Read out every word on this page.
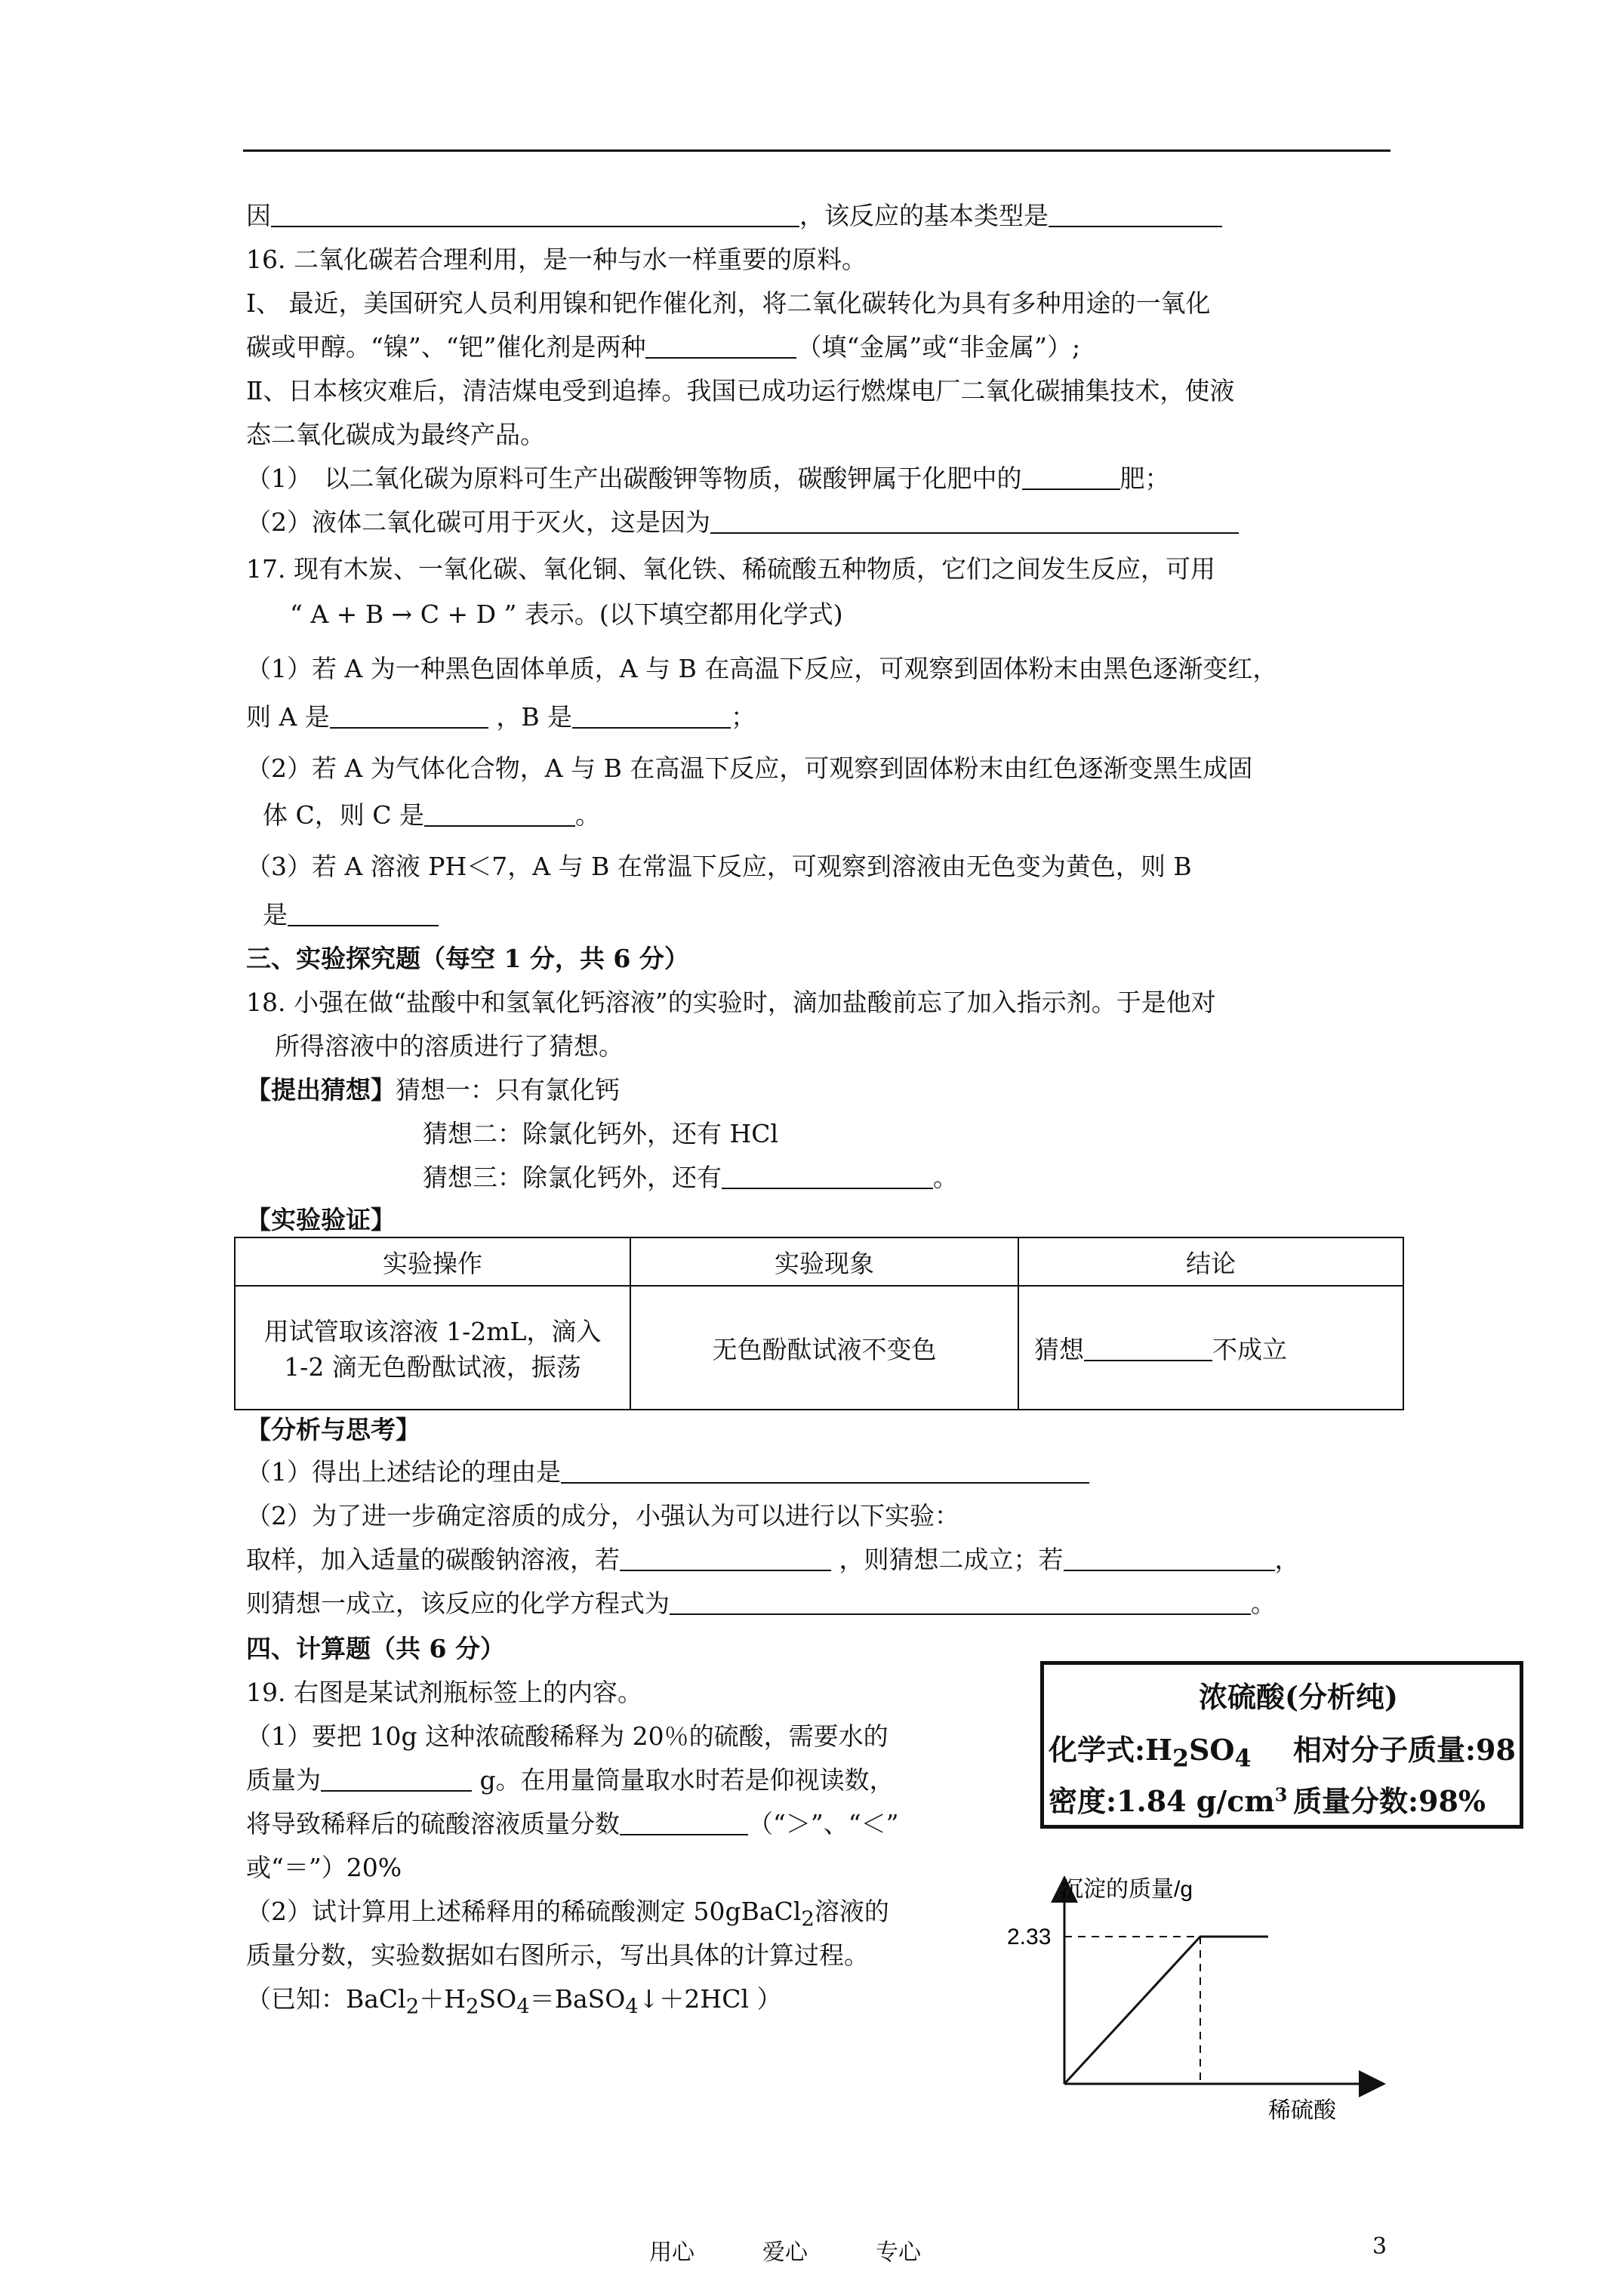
因	，该反应的基本类型是
16. 二氧化碳若合理利用，是一种与水一样重要的原料。
Ⅰ、 最近，美国研究人员利用镍和钯作催化剂，将二氧化碳转化为具有多种用途的一氧化
碳或甲醇。“镍”、“钯”催化剂是两种	（填“金属”或“非金属”）;
Ⅱ、日本核灾难后，清洁煤电受到追捧。我国已成功运行燃煤电厂二氧化碳捕集技术，使液
态二氧化碳成为最终产品。
（1）　以二氧化碳为原料可生产出碳酸钾等物质，碳酸钾属于化肥中的	肥；
（2）液体二氧化碳可用于灭火，这是因为
17. 现有木炭、一氧化碳、氧化铜、氧化铁、稀硫酸五种物质，它们之间发生反应，可用
“ A + B → C + D ” 表示。(以下填空都用化学式)
（1）若 A 为一种黑色固体单质，A 与 B 在高温下反应，可观察到固体粉末由黑色逐渐变红，
则 A 是	，B 是	；
（2）若 A 为气体化合物，A 与 B 在高温下反应，可观察到固体粉末由红色逐渐变黑生成固
体 C，则 C 是	。
（3）若 A 溶液 PH＜7，A 与 B 在常温下反应，可观察到溶液由无色变为黄色，则 B
是
三、实验探究题（每空 1 分，共 6 分）
18. 小强在做“盐酸中和氢氧化钙溶液”的实验时，滴加盐酸前忘了加入指示剂。于是他对
所得溶液中的溶质进行了猜想。
【提出猜想】猜想一：只有氯化钙
猜想二：除氯化钙外，还有 HCl
猜想三：除氯化钙外，还有	。
【实验验证】
实验操作	实验现象	结论

用试管取该溶液 1-2mL，滴入
1-2 滴无色酚酞试液，振荡	无色酚酞试液不变色	猜想 不成立
【分析与思考】
（1）得出上述结论的理由是
（2）为了进一步确定溶质的成分，小强认为可以进行以下实验：
取样，加入适量的碳酸钠溶液，若	，则猜想二成立；若	，
则猜想一成立，该反应的化学方程式为	。
四、计算题（共 6 分）
19. 右图是某试剂瓶标签上的内容。
（1）要把 10g 这种浓硫酸稀释为 20％的硫酸，需要水的
质量为	g。在用量筒量取水时若是仰视读数，
将导致稀释后的硫酸溶液质量分数	（“＞”、“＜”
或“＝”）20%
（2）试计算用上述稀释用的稀硫酸测定 50gBaCl$_2$溶液的
质量分数，实验数据如右图所示，写出具体的计算过程。
（已知：$BaCl_2+H_2SO_4=BaSO_4↓+2HCl$ ）
浓硫酸(分析纯)
化学式$:H_2SO_4$ 相对分子质量:98
密度:1.84 $g/cm^3$ 质量分数:98%
沉淀的质量/g
2.33
稀硫酸
用心　　　爱心　　　专心	3
